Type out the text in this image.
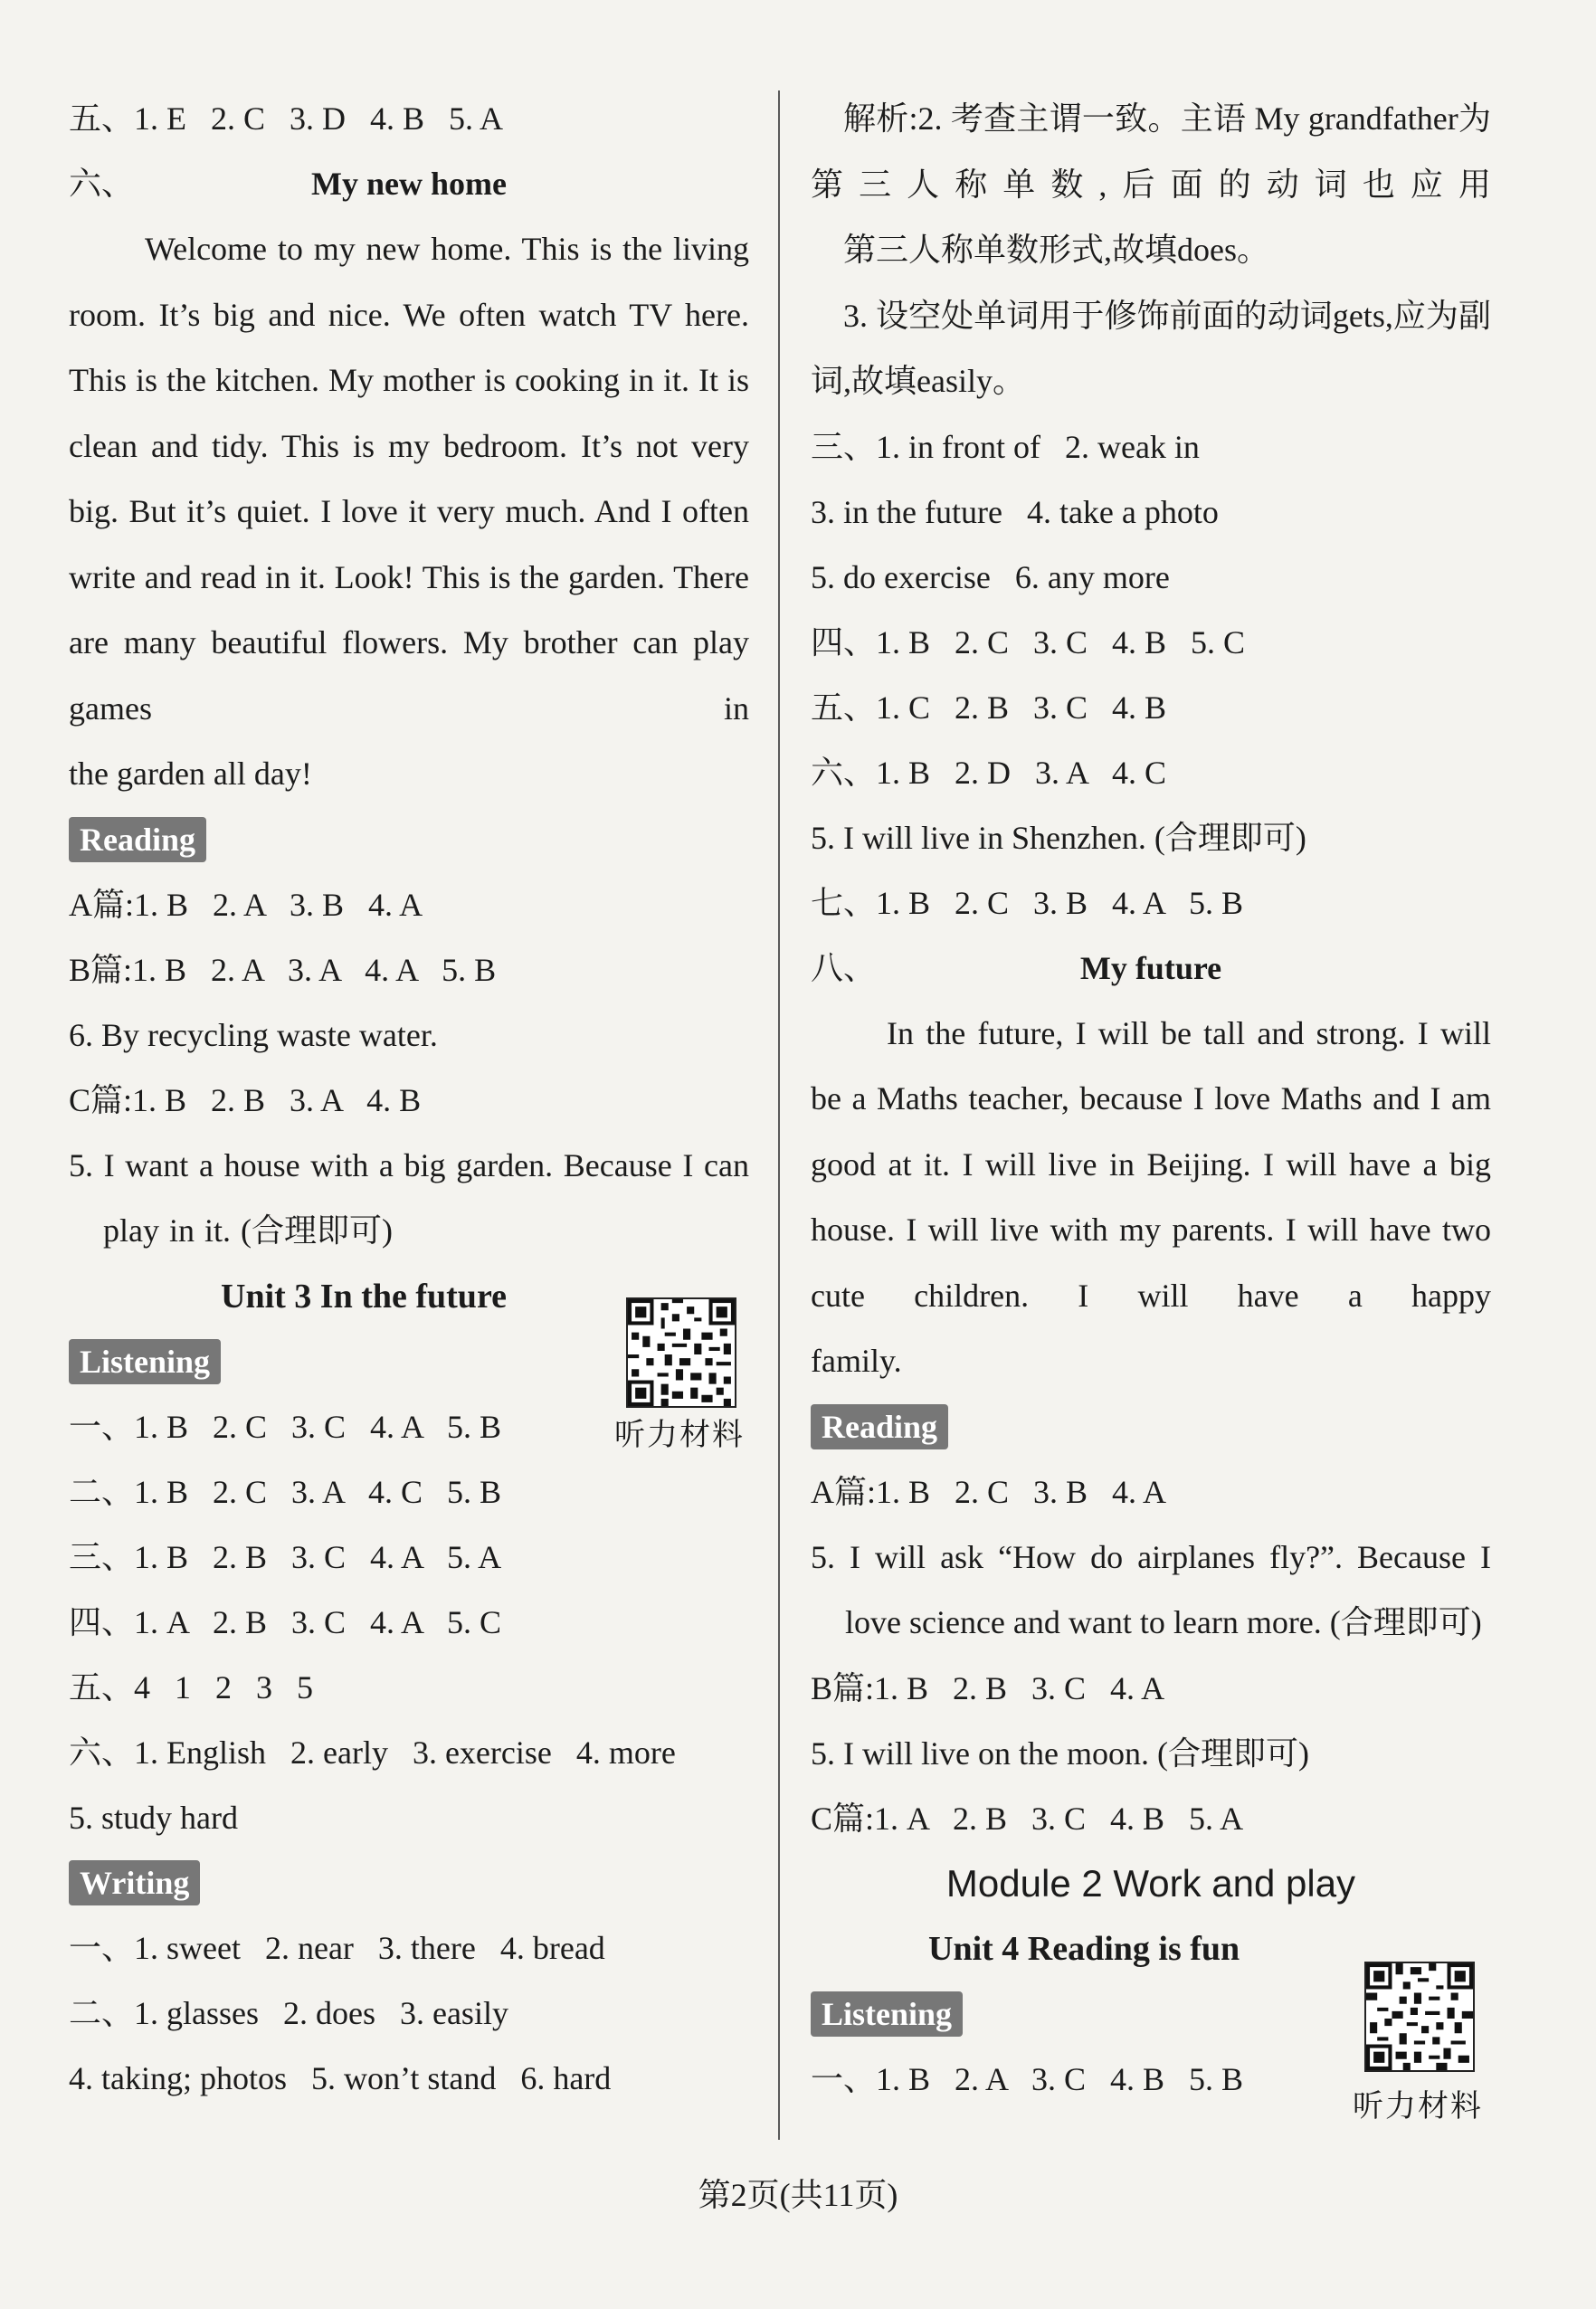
五、1. E   2. C   3. D   4. B   5. A
六、	My new home
Welcome to my new home. This is the living room. It’s big and nice. We often watch TV here. This is the kitchen. My mother is cooking in it. It is clean and tidy. This is my bedroom. It’s not very big. But it’s quiet. I love it very much. And I often write and read in it. Look! This is the garden. There are many beautiful flowers. My brother can play games in
the garden all day!
Reading
A篇:1. B   2. A   3. B   4. A
B篇:1. B   2. A   3. A   4. A   5. B
6. By recycling waste water.
C篇:1. B   2. B   3. A   4. B
5. I want a house with a big garden. Because I can play in it. (合理即可)
Unit 3 In the future
Listening
一、1. B   2. C   3. C   4. A   5. B
二、1. B   2. C   3. A   4. C   5. B
三、1. B   2. B   3. C   4. A   5. A
四、1. A   2. B   3. C   4. A   5. C
五、4   1   2   3   5
六、1. English   2. early   3. exercise   4. more
5. study hard
Writing
一、1. sweet   2. near   3. there   4. bread
二、1. glasses   2. does   3. easily
4. taking; photos   5. won’t stand   6. hard
听力材料
解析:2. 考查主谓一致。主语 My grandfather为第三人称单数,后面的动词也应用
第三人称单数形式,故填does。
3. 设空处单词用于修饰前面的动词gets,应为副词,故填easily。
三、1. in front of   2. weak in
3. in the future   4. take a photo
5. do exercise   6. any more
四、1. B   2. C   3. C   4. B   5. C
五、1. C   2. B   3. C   4. B
六、1. B   2. D   3. A   4. C
5. I will live in Shenzhen. (合理即可)
七、1. B   2. C   3. B   4. A   5. B
八、	My future
In the future, I will be tall and strong. I will be a Maths teacher, because I love Maths and I am good at it. I will live in Beijing. I will have a big house. I will live with my parents. I will have two cute children. I will have a happy
family.
Reading
A篇:1. B   2. C   3. B   4. A
5. I will ask “How do airplanes fly?”. Because I love science and want to learn more. (合理即可)
B篇:1. B   2. B   3. C   4. A
5. I will live on the moon. (合理即可)
C篇:1. A   2. B   3. C   4. B   5. A
Module 2 Work and play
Unit 4 Reading is fun
Listening
一、1. B   2. A   3. C   4. B   5. B
听力材料
第2页(共11页)
